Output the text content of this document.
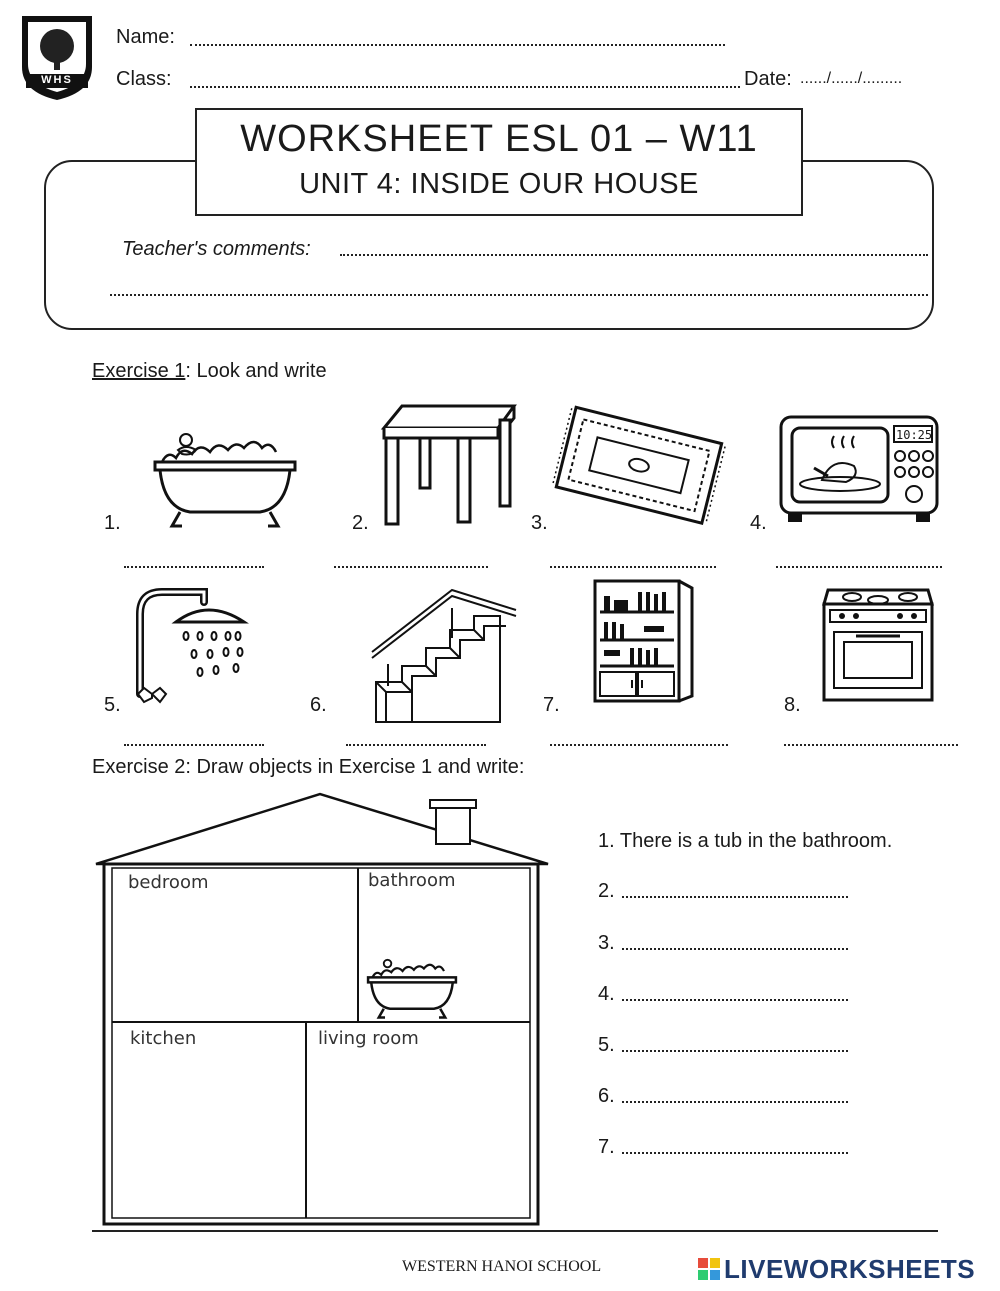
WHS
Name:
Class:	Date: ....../....../.........
WORKSHEET ESL 01 – W11
UNIT 4: INSIDE OUR HOUSE
Teacher's comments:
Exercise 1: Look and write
1.	2.	3.	4.
10:25
5.	6.	7.	8.
Exercise 2: Draw objects in Exercise 1 and write:
bedroom	bathroom
kitchen	living room
1. There is a tub in the bathroom.
2.
3.
4.
5.
6.
7.
WESTERN HANOI SCHOOL	LIVEWORKSHEETS
